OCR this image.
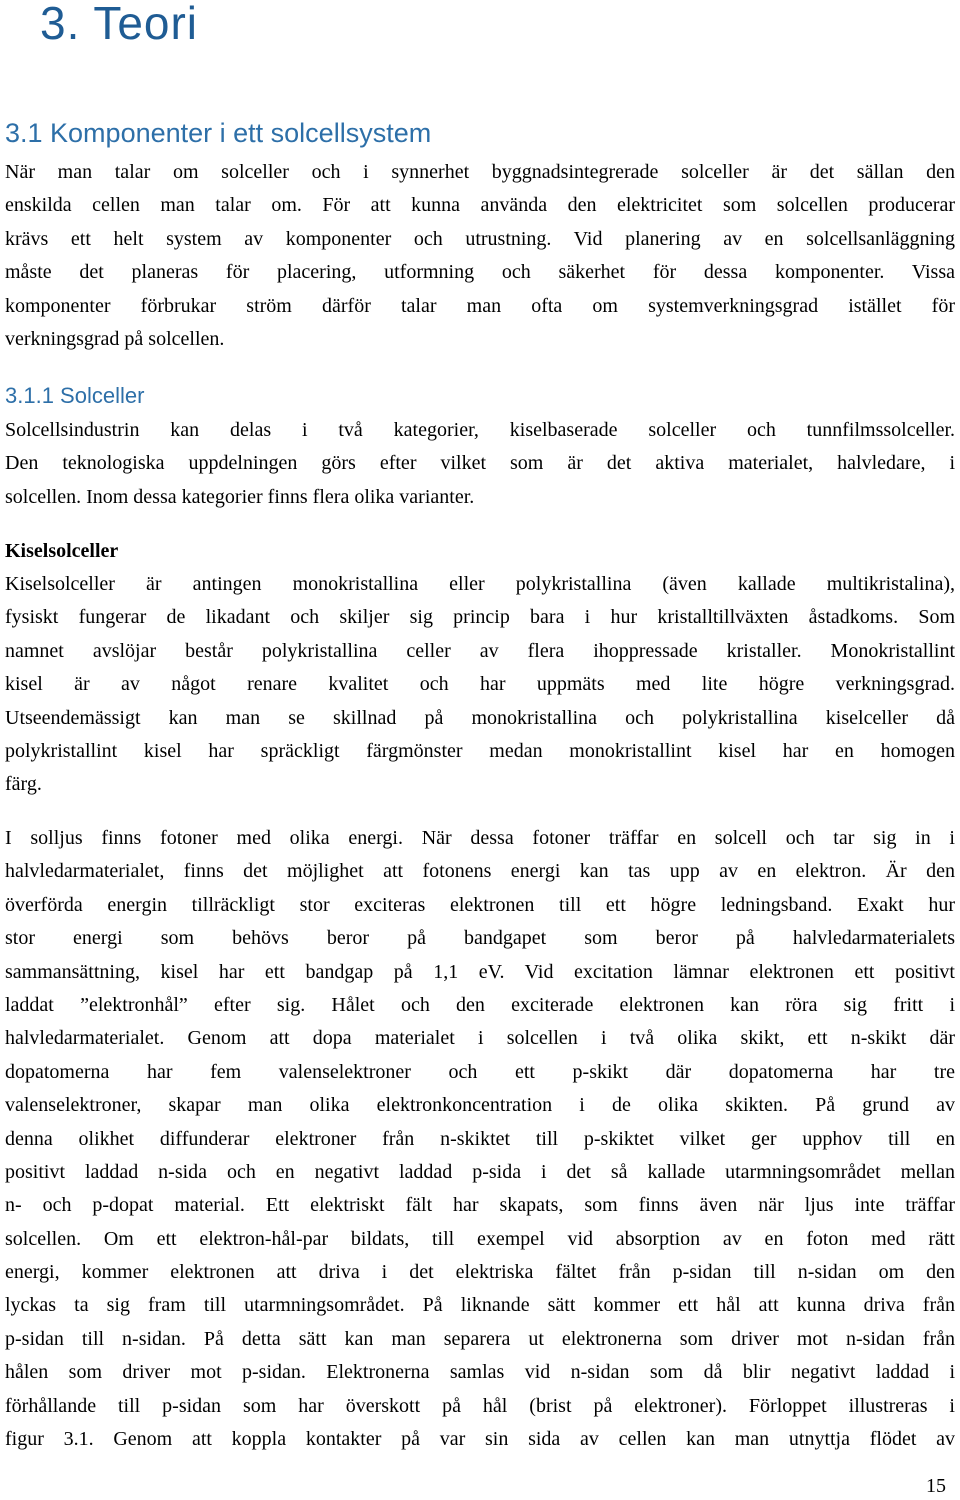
3. Teori
3.1 Komponenter i ett solcellsystem

När man talar om solceller och i synnerhet byggnadsintegrerade solceller är det sällan den
enskilda cellen man talar om. För att kunna använda den elektricitet som solcellen producerar
krävs ett helt system av komponenter och utrustning. Vid planering av en solcellsanläggning
måste det planeras för placering, utformning och säkerhet för dessa komponenter. Vissa
komponenter förbrukar ström därför talar man ofta om systemverkningsgrad istället för
verkningsgrad på solcellen.

3.1.1 Solceller

Solcellsindustrin kan delas i två kategorier, kiselbaserade solceller och tunnfilmssolceller.
Den teknologiska uppdelningen görs efter vilket som är det aktiva materialet, halvledare, i
solcellen. Inom dessa kategorier finns flera olika varianter.

Kiselsolceller

Kiselsolceller är antingen monokristallina eller polykristallina (även kallade multikristalina),
fysiskt fungerar de likadant och skiljer sig princip bara i hur kristalltillväxten åstadkoms. Som
namnet avslöjar består polykristallina celler av flera ihoppressade kristaller. Monokristallint
kisel är av något renare kvalitet och har uppmäts med lite högre verkningsgrad.
Utseendemässigt kan man se skillnad på monokristallina och polykristallina kiselceller då
polykristallint kisel har spräckligt färgmönster medan monokristallint kisel har en homogen
färg.

I solljus finns fotoner med olika energi. När dessa fotoner träffar en solcell och tar sig in i
halvledarmaterialet, finns det möjlighet att fotonens energi kan tas upp av en elektron. Är den
överförda energin tillräckligt stor exciteras elektronen till ett högre ledningsband. Exakt hur
stor energi som behövs beror på bandgapet som beror på halvledarmaterialets
sammansättning, kisel har ett bandgap på 1,1 eV. Vid excitation lämnar elektronen ett positivt
laddat ”elektronhål” efter sig. Hålet och den exciterade elektronen kan röra sig fritt i
halvledarmaterialet. Genom att dopa materialet i solcellen i två olika skikt, ett n-skikt där
dopatomerna har fem valenselektroner och ett p-skikt där dopatomerna har tre
valenselektroner, skapar man olika elektronkoncentration i de olika skikten. På grund av
denna olikhet diffunderar elektroner från n-skiktet till p-skiktet vilket ger upphov till en
positivt laddad n-sida och en negativt laddad p-sida i det så kallade utarmningsområdet mellan
n- och p-dopat material. Ett elektriskt fält har skapats, som finns även när ljus inte träffar
solcellen. Om ett elektron-hål-par bildats, till exempel vid absorption av en foton med rätt
energi, kommer elektronen att driva i det elektriska fältet från p-sidan till n-sidan om den
lyckas ta sig fram till utarmningsområdet. På liknande sätt kommer ett hål att kunna driva från
p-sidan till n-sidan. På detta sätt kan man separera ut elektronerna som driver mot n-sidan från
hålen som driver mot p-sidan. Elektronerna samlas vid n-sidan som då blir negativt laddad i
förhållande till p-sidan som har överskott på hål (brist på elektroner). Förloppet illustreras i
figur 3.1. Genom att koppla kontakter på var sin sida av cellen kan man utnyttja flödet av

15
